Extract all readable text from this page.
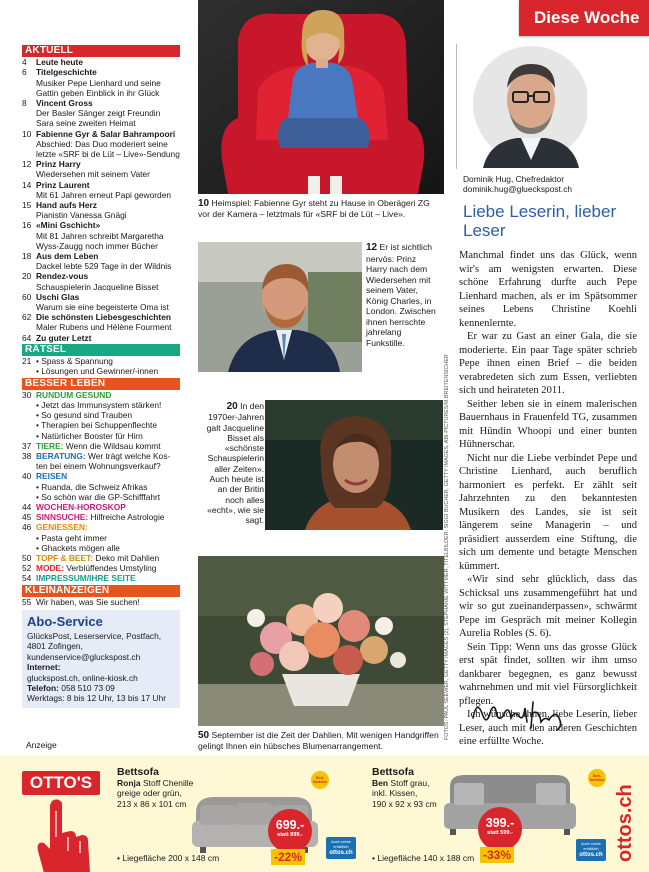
AKTUELL
4	Leute heute
6	Titelgeschichte
Musiker Pepe Lienhard und seine
Gattin geben Einblick in ihr Glück
8	Vincent Gross
Der Basler Sänger zeigt Freundin
Sara seine zweiten Heimat
10 Fabienne Gyr & Salar Bahrampoori
Abschied: Das Duo moderiert seine
letzte «SRF bi de Lüt – Live»-Sendung
12 Prinz Harry
Wiedersehen mit seinem Vater
14 Prinz Laurent
Mit 61 Jahren erneut Papi geworden
15 Hand aufs Herz
Pianistin Vanessa Gnägi
16 «Mini Gschicht»
Mit 81 Jahren schreibt Margaretha
Wyss-Zaugg noch immer Bücher
18 Aus dem Leben
Dackel lebte 529 Tage in der Wildnis
20 Rendez-vous
Schauspielerin Jacqueline Bisset
60 Uschi Glas
Warum sie eine begeisterte Oma ist
62 Die schönsten Liebesgeschichten
Maler Rubens und Hélène Fourment
64 Zu guter Letzt
RÄTSEL
21 • Spass & Spannung
• Lösungen und Gewinner/-innen
BESSER LEBEN
30 RUNDUM GESUND
• Jetzt das Immunsystem stärken!
• So gesund sind Trauben
• Therapien bei Schuppenflechte
• Natürlicher Booster für Hirn
37 TIERE: Wenn die Wildsau kommt
38 BERATUNG: Wer trägt welche Kos-
ten bei einem Wohnungsverkauf?
40 REISEN
• Ruanda, die Schweiz Afrikas
• So schön war die GP-Schifffahrt
44 WOCHEN-HOROSKOP
45 SINNSUCHE: Hilfreiche Astrologie
46 GENIESSEN:
• Pasta geht immer
• Ghackets mögen alle
50 TOPF & BEET: Deko mit Dahlien
52 MODE: Verblüffendes Umstyling
54 IMPRESSUM/IHRE SEITE
KLEINANZEIGEN
55 Wir haben, was Sie suchen!
Abo-Service
GlücksPost, Leserservice, Postfach,
4801 Zofingen,
kundenservice@gluckspost.ch
Internet:
gluckspost.ch, online-kiosk.ch
Telefon: 058 510 73 09
Werktags: 8 bis 12 Uhr, 13 bis 17 Uhr
10 Heimspiel: Fabienne Gyr steht zu Hause in Oberägeri ZG vor der Kamera – letztmals für «SRF bi de Lüt – Live».
12 Er ist sichtlich nervös: Prinz Harry nach dem Wiedersehen mit seinem Vater, König Charles, in London. Zwischen ihnen herrschte jahrelang Funkstille.
20 In den 1970er-Jahren galt Jacqueline Bisset als «schönste Schauspielerin aller Zeiten». Auch heute ist an der Britin noch alles «echt», wie sie sagt.
50 September ist die Zeit der Dahlien. Mit wenigen Handgriffen gelingt Ihnen ein hübsches Blumenarrangement.
FOTOS: PAUL SEEWER, GETTY IMAGES (2), STEPHANIE WITTMER, TITELBILDER: SIGGI BUCHER, GETTY IMAGES, ABI-PICTURES/M.BREITENSICHER
Diese Woche
Dominik Hug, Chefredaktor
dominik.hug@glueckspost.ch
Liebe Leserin, lieber Leser

Manchmal findet uns das Glück, wenn wir's am wenigsten erwarten. Diese schöne Erfahrung durfte auch Pepe Lienhard machen, als er im Spätsommer seines Lebens Christine Koehli kennenlernte.

Er war zu Gast an einer Gala, die sie moderierte. Ein paar Tage später schrieb Pepe ihnen einen Brief – die beiden verabredeten sich zum Essen, verliebten sich und heirateten 2011.

Seither leben sie in einem malerischen Bauernhaus in Frauenfeld TG, zusammen mit Hündin Whoopi und einer bunten Hühnerschar.

Nicht nur die Liebe verbindet Pepe und Christine Lienhard, auch beruflich harmoniert es perfekt. Er zählt seit Jahrzehnten zu den bekanntesten Musikern des Landes, sie ist seit längerem seine Managerin – und präsidiert ausserdem eine Stiftung, die sich um demente und betagte Menschen kümmert.

«Wir sind sehr glücklich, dass das Schicksal uns zusammengeführt hat und wir so gut zueinanderpassen», schwärmt Pepe im Gespräch mit meiner Kollegin Aurelia Robles (S. 6).

Sein Tipp: Wenn uns das grosse Glück erst spät findet, sollten wir ihm umso dankbarer begegnen, es ganz bewusst wahrnehmen und mit viel Fürsorglichkeit pflegen.

Ich wünsche Ihnen, liebe Leserin, lieber Leser, auch mit den anderen Geschichten eine erfüllte Woche.

Anzeige
OTTO'S
Bettsofa
Ronja Stoff Chenille
greige oder grün,
213 x 86 x 101 cm
Bett-funktion
699.-
statt 899.-
-22%
Auch online erhältlich
ottos.ch
• Liegefläche 200 x 148 cm
Bettsofa
Ben Stoff grau,
inkl. Kissen,
190 x 92 x 93 cm
Bett-funktion
399.-
statt 599.-
-33%
Auch online erhältlich
ottos.ch
• Liegefläche 140 x 188 cm	ottos.ch
